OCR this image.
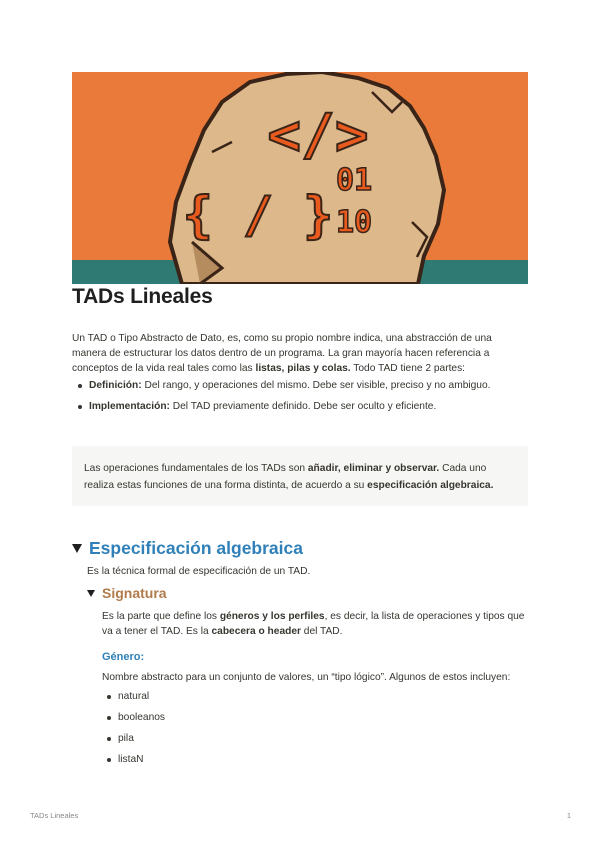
</>
{ / }
01
10
TADs Lineales

Un TAD o Tipo Abstracto de Dato, es, como su propio nombre indica, una abstracción de una manera de estructurar los datos dentro de un programa. La gran mayoría hacen referencia a conceptos de la vida real tales como las listas, pilas y colas. Todo TAD tiene 2 partes:

Definición: Del rango, y operaciones del mismo. Debe ser visible, preciso y no ambiguo.
Implementación: Del TAD previamente definido. Debe ser oculto y eficiente.
Las operaciones fundamentales de los TADs son añadir, eliminar y observar. Cada uno realiza estas funciones de una forma distinta, de acuerdo a su especificación algebraica.
Especificación algebraica

Es la técnica formal de especificación de un TAD.

Signatura

Es la parte que define los géneros y los perfiles, es decir, la lista de operaciones y tipos que va a tener el TAD. Es la cabecera o header del TAD.

Género:

Nombre abstracto para un conjunto de valores, un “tipo lógico”. Algunos de estos incluyen:

natural
booleanos
pila
listaN
TADs Lineales	1
